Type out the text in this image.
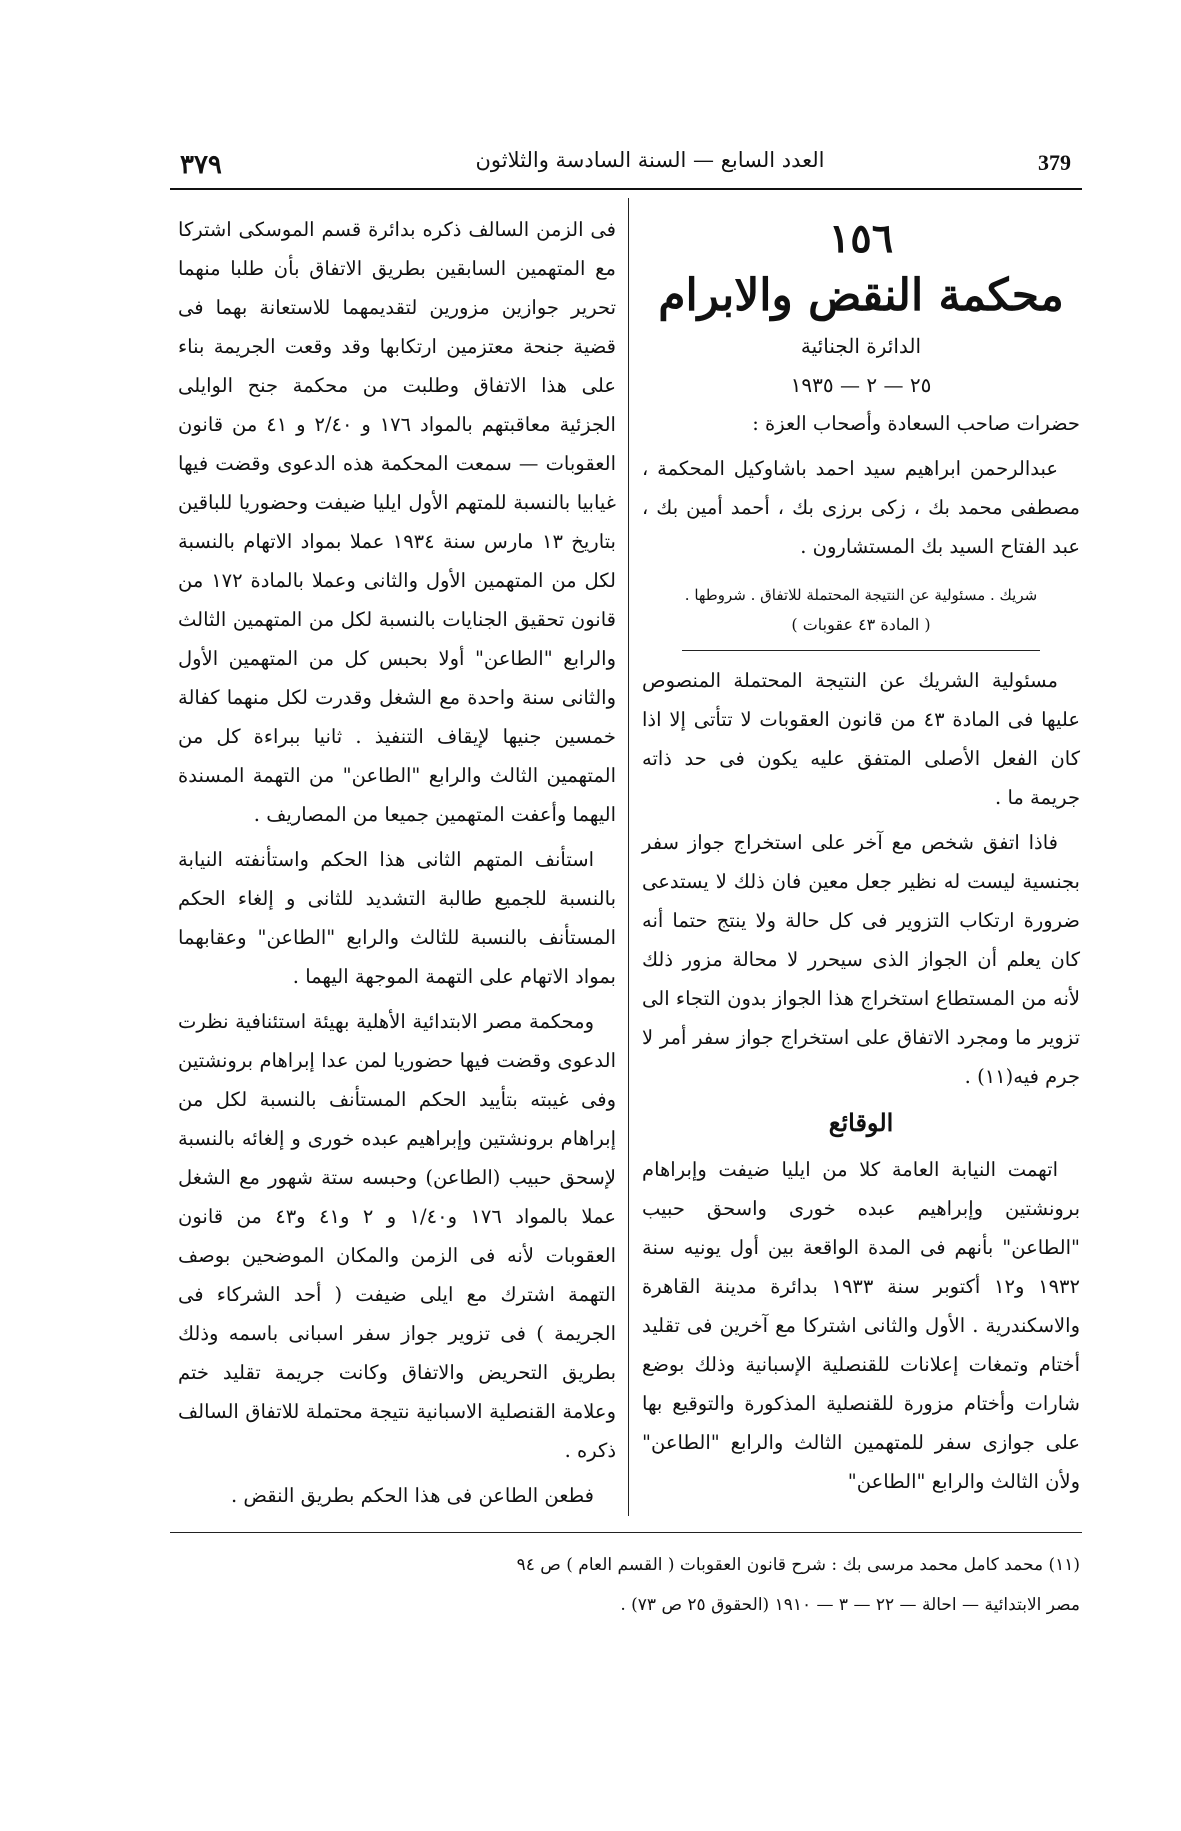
٣٧٩	العدد السابع — السنة السادسة والثلاثون	379
١٥٦
محكمة النقض والابرام
الدائرة الجنائية
٢٥ — ٢ — ١٩٣٥

حضرات صاحب السعادة وأصحاب العزة :

عبدالرحمن ابراهيم سيد احمد باشاوكيل المحكمة ، مصطفى محمد بك ، زكى برزى بك ، أحمد أمين بك ، عبد الفتاح السيد بك المستشارون .

شريك . مسئولية عن النتيجة المحتملة للاتفاق . شروطها .
( المادة ٤٣ عقوبات )

مسئولية الشريك عن النتيجة المحتملة المنصوص عليها فى المادة ٤٣ من قانون العقوبات لا تتأتى إلا اذا كان الفعل الأصلى المتفق عليه يكون فى حد ذاته جريمة ما .

فاذا اتفق شخص مع آخر على استخراج جواز سفر بجنسية ليست له نظير جعل معين فان ذلك لا يستدعى ضرورة ارتكاب التزوير فى كل حالة ولا ينتج حتما أنه كان يعلم أن الجواز الذى سيحرر لا محالة مزور ذلك لأنه من المستطاع استخراج هذا الجواز بدون التجاء الى تزوير ما ومجرد الاتفاق على استخراج جواز سفر أمر لا جرم فيه(١١) .

الوقائع

اتهمت النيابة العامة كلا من ايليا ضيفت وإبراهام برونشتين وإبراهيم عبده خورى واسحق حبيب "الطاعن" بأنهم فى المدة الواقعة بين أول يونيه سنة ١٩٣٢ و١٢ أكتوبر سنة ١٩٣٣ بدائرة مدينة القاهرة والاسكندرية . الأول والثانى اشتركا مع آخرين فى تقليد أختام وتمغات إعلانات للقنصلية الإسبانية وذلك بوضع شارات وأختام مزورة للقنصلية المذكورة والتوقيع بها على جوازى سفر للمتهمين الثالث والرابع "الطاعن" ولأن الثالث والرابع "الطاعن"

فى الزمن السالف ذكره بدائرة قسم الموسكى اشتركا مع المتهمين السابقين بطريق الاتفاق بأن طلبا منهما تحرير جوازين مزورين لتقديمهما للاستعانة بهما فى قضية جنحة معتزمين ارتكابها وقد وقعت الجريمة بناء على هذا الاتفاق وطلبت من محكمة جنح الوايلى الجزئية معاقبتهم بالمواد ١٧٦ و ٢/٤٠ و ٤١ من قانون العقوبات — سمعت المحكمة هذه الدعوى وقضت فيها غيابيا بالنسبة للمتهم الأول ايليا ضيفت وحضوريا للباقين بتاريخ ١٣ مارس سنة ١٩٣٤ عملا بمواد الاتهام بالنسبة لكل من المتهمين الأول والثانى وعملا بالمادة ١٧٢ من قانون تحقيق الجنايات بالنسبة لكل من المتهمين الثالث والرابع "الطاعن" أولا بحبس كل من المتهمين الأول والثانى سنة واحدة مع الشغل وقدرت لكل منهما كفالة خمسين جنيها لإيقاف التنفيذ . ثانيا ببراءة كل من المتهمين الثالث والرابع "الطاعن" من التهمة المسندة اليهما وأعفت المتهمين جميعا من المصاريف .

استأنف المتهم الثانى هذا الحكم واستأنفته النيابة بالنسبة للجميع طالبة التشديد للثانى و إلغاء الحكم المستأنف بالنسبة للثالث والرابع "الطاعن" وعقابهما بمواد الاتهام على التهمة الموجهة اليهما .

ومحكمة مصر الابتدائية الأهلية بهيئة استئنافية نظرت الدعوى وقضت فيها حضوريا لمن عدا إبراهام برونشتين وفى غيبته بتأييد الحكم المستأنف بالنسبة لكل من إبراهام برونشتين وإبراهيم عبده خورى و إلغائه بالنسبة لإسحق حبيب (الطاعن) وحبسه ستة شهور مع الشغل عملا بالمواد ١٧٦ و١/٤٠ و ٢ و٤١ و٤٣ من قانون العقوبات لأنه فى الزمن والمكان الموضحين بوصف التهمة اشترك مع ايلى ضيفت ( أحد الشركاء فى الجريمة ) فى تزوير جواز سفر اسبانى باسمه وذلك بطريق التحريض والاتفاق وكانت جريمة تقليد ختم وعلامة القنصلية الاسبانية نتيجة محتملة للاتفاق السالف ذكره .

فطعن الطاعن فى هذا الحكم بطريق النقض .

(١١) محمد كامل محمد مرسى بك : شرح قانون العقوبات ( القسم العام ) ص ٩٤
مصر الابتدائية — احالة — ٢٢ — ٣ — ١٩١٠ (الحقوق ٢٥ ص ٧٣) .
